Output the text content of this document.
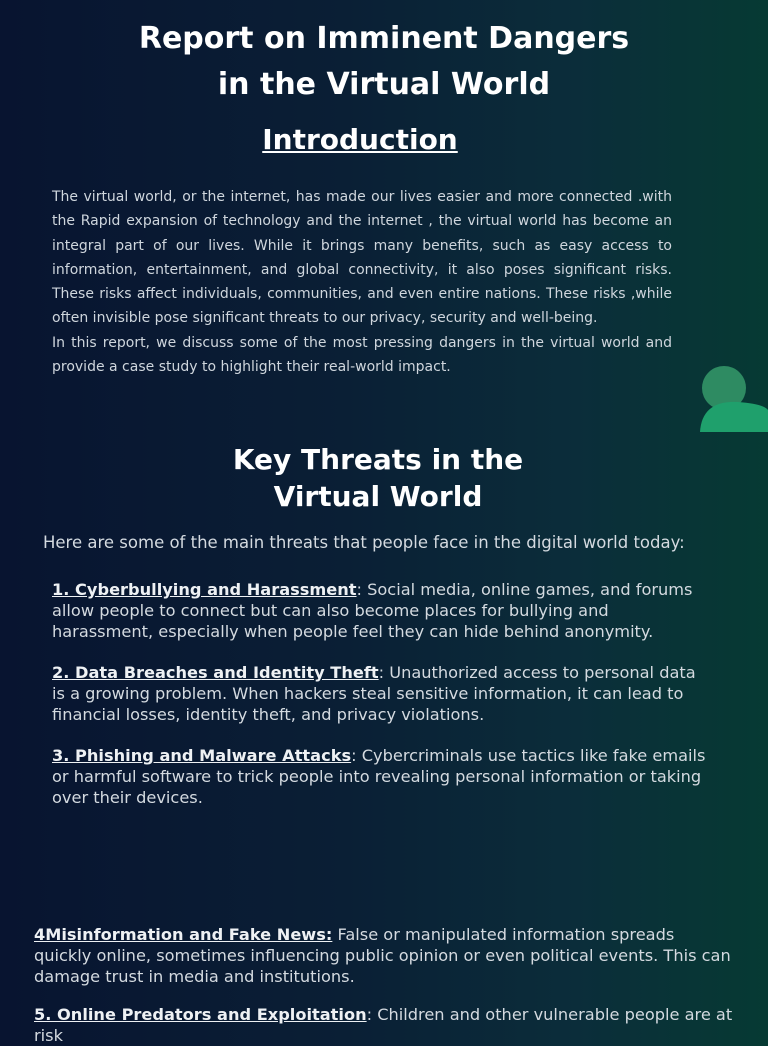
Report on Imminent Dangers
in the Virtual World
Introduction

The virtual world, or the internet, has made our lives easier and more connected .with the Rapid expansion of technology and the internet , the virtual world has become an integral part of our lives. While it brings many benefits, such as easy access to information, entertainment, and global connectivity, it also poses significant risks. These risks affect individuals, communities, and even entire nations. These risks ,while often invisible pose significant threats to our privacy, security and well-being.

In this report, we discuss some of the most pressing dangers in the virtual world and provide a case study to highlight their real-world impact.

Key Threats in the
Virtual World
Here are some of the main threats that people face in the digital world today:

1. Cyberbullying and Harassment: Social media, online games, and forums allow people to connect but can also become places for bullying and harassment, especially when people feel they can hide behind anonymity.

2. Data Breaches and Identity Theft: Unauthorized access to personal data is a growing problem. When hackers steal sensitive information, it can lead to financial losses, identity theft, and privacy violations.

3. Phishing and Malware Attacks: Cybercriminals use tactics like fake emails or harmful software to trick people into revealing personal information or taking over their devices.

4Misinformation and Fake News: False or manipulated information spreads quickly online, sometimes influencing public opinion or even political events. This can damage trust in media and institutions.

5. Online Predators and Exploitation: Children and other vulnerable people are at risk
